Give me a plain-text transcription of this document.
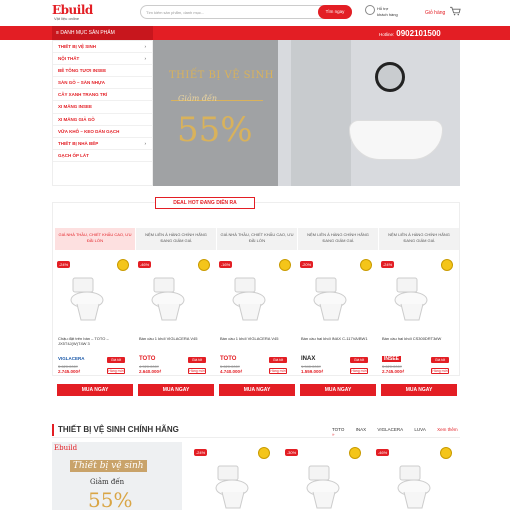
Ebuild
Vật liệu online
Tìm kiếm sản phẩm, danh mục...	Tìm ngay
Hỗ trợ
khách hàng	Giỏ hàng
≡ DANH MỤC SẢN PHẨM	Hotline: 0902101500
THIẾT BỊ VỆ SINH	›
NỘI THẤT	›
BÊ TÔNG TƯƠI INSEE
SÀN GỖ – SÀN NHỰA
CÂY XANH TRANG TRÍ
XI MĂNG INSEE
XI MĂNG GIẢ GỖ
VỮA KHÔ – KEO DÁN GẠCH
THIẾT BỊ NHÀ BẾP	›
GẠCH ỐP LÁT
THIẾT BỊ VỆ SINH
Giảm đến
55%
DEAL HOT ĐANG DIỄN RA
GIÁ NHÀ THẦU, CHIẾT KHẤU CAO, ƯU ĐÃI LỚN
NỆM LIÊN Á HÀNG CHÍNH HÃNG ĐANG GIẢM GIÁ
GIÁ NHÀ THẦU, CHIẾT KHẤU CAO, ƯU ĐÃI LỚN
NỆM LIÊN Á HÀNG CHÍNH HÃNG ĐANG GIẢM GIÁ
NỆM LIÊN Á HÀNG CHÍNH HÃNG ĐANG GIẢM GIÁ
-24%
Chậu đặt trên bàn – TOTO – JX5T4J(W)T4W 3
VIGLACERA	Giá tốt
3.620.000₫
2.745.000₫	Hàng mới
-46%
Bàn cầu 1 khối VIGLACERA V45
TOTO	Giá tốt
4.920.000₫
2.640.000₫	Hàng mới
-16%
Bàn cầu 1 khối VIGLACERA V45
TOTO	Giá tốt
5.620.000₫
4.740.000₫	Hàng mới
-20%
Bàn cầu hai khối INAX C-117VA/BW1
INAX	Giá tốt
1.940.000₫
1.559.000₫	Hàng mới
-24%
Bàn cầu hai khối CS300DRT3#W
INSEE	Giá tốt
3.620.000₫
2.745.000₫	Hàng mới
MUA NGAY	MUA NGAY	MUA NGAY	MUA NGAY	MUA NGAY
THIẾT BỊ VỆ SINH CHÍNH HÃNG	TOTO	INAX	VIGLACERA	LUVA	Xem thêm »
Ebuild
Thiết bị vệ sinh
Giảm đến
55%
-24%	-30%	-46%
